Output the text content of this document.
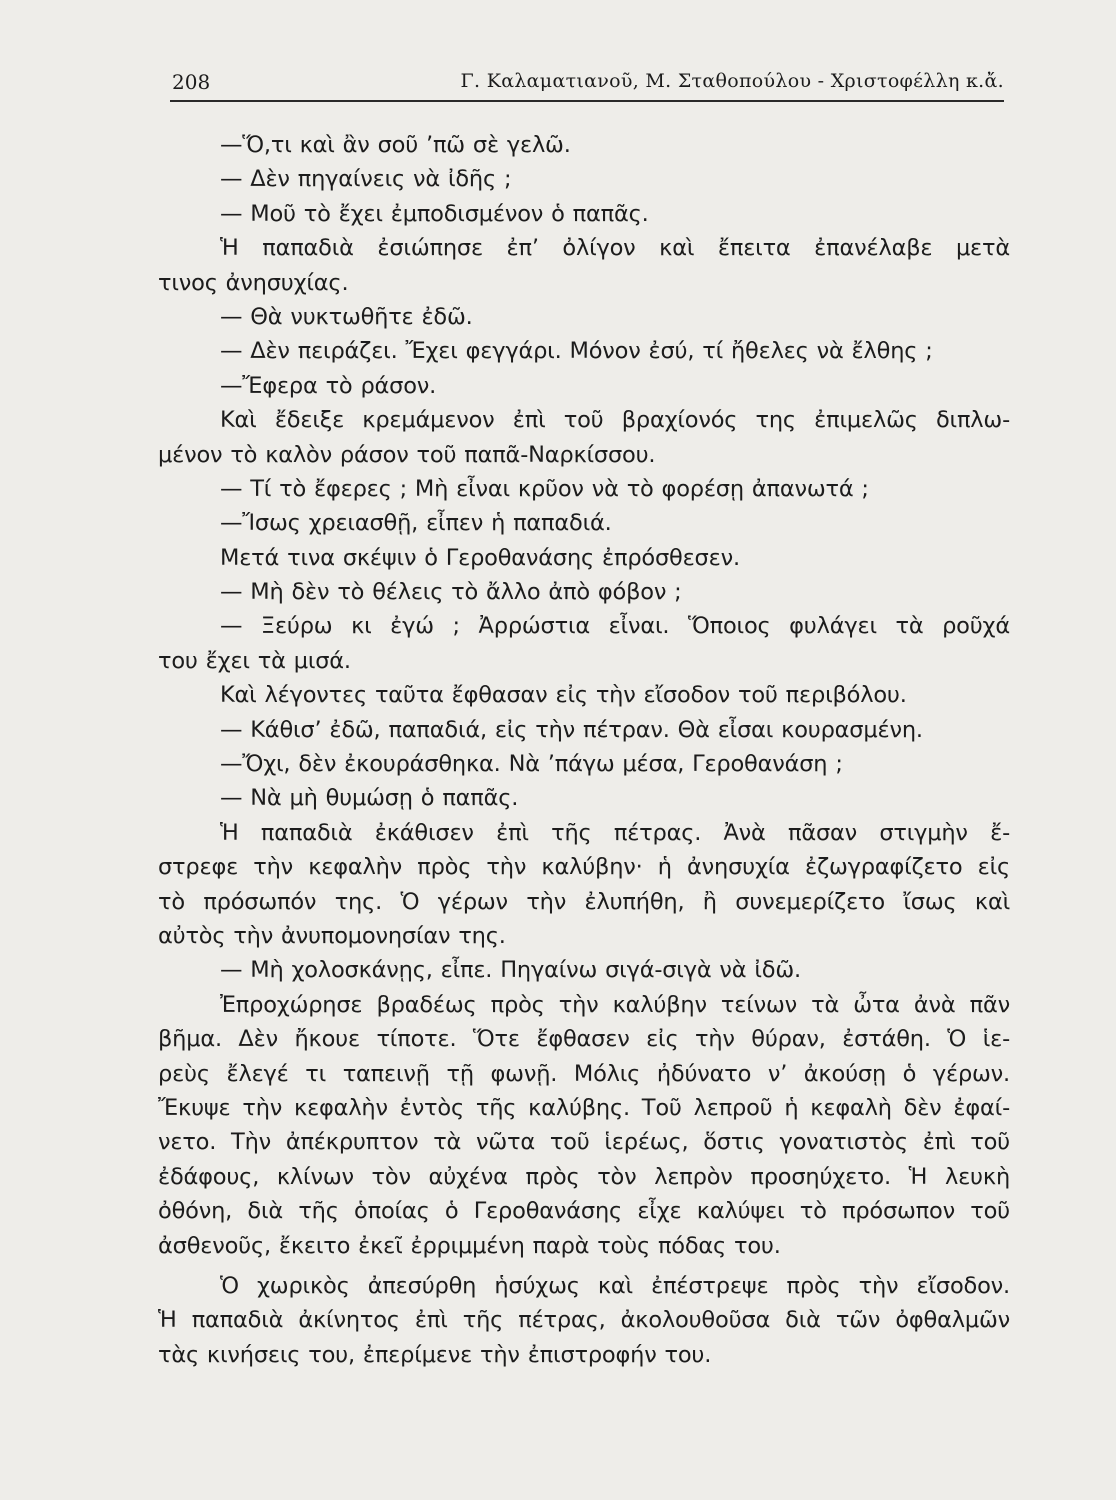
208	Γ. Καλαματιανοῦ, Μ. Σταθοπούλου - Χριστοφέλλη κ.ἄ.
—Ὅ,τι καὶ ἂν σοῦ ’πῶ σὲ γελῶ.
— Δὲν πηγαίνεις νὰ ἰδῆς ;
— Μοῦ τὸ ἔχει ἐμποδισμένον ὁ παπᾶς.
Ἡ παπαδιὰ ἐσιώπησε ἐπ’ ὀλίγον καὶ ἔπειτα ἐπανέλαβε μετὰ
τινος ἀνησυχίας.
— Θὰ νυκτωθῆτε ἐδῶ.
— Δὲν πειράζει. Ἔχει φεγγάρι. Μόνον ἐσύ, τί ἤθελες νὰ ἔλθης ;
—Ἔφερα τὸ ράσον.
Καὶ ἔδειξε κρεμάμενον ἐπὶ τοῦ βραχίονός της ἐπιμελῶς διπλω-
μένον τὸ καλὸν ράσον τοῦ παπᾶ-Ναρκίσσου.
— Τί τὸ ἔφερες ; Μὴ εἶναι κρῦον νὰ τὸ φορέσῃ ἀπανωτά ;
—Ἴσως χρειασθῇ, εἶπεν ἡ παπαδιά.
Μετά τινα σκέψιν ὁ Γεροθανάσης ἐπρόσθεσεν.
— Μὴ δὲν τὸ θέλεις τὸ ἄλλο ἀπὸ φόβον ;
— Ξεύρω κι ἐγώ ; Ἀρρώστια εἶναι. Ὅποιος φυλάγει τὰ ροῦχά
του ἔχει τὰ μισά.
Καὶ λέγοντες ταῦτα ἔφθασαν εἰς τὴν εἴσοδον τοῦ περιβόλου.
— Κάθισ’ ἐδῶ, παπαδιά, εἰς τὴν πέτραν. Θὰ εἶσαι κουρασμένη.
—Ὄχι, δὲν ἐκουράσθηκα. Νὰ ’πάγω μέσα, Γεροθανάση ;
— Νὰ μὴ θυμώσῃ ὁ παπᾶς.
Ἡ παπαδιὰ ἐκάθισεν ἐπὶ τῆς πέτρας. Ἀνὰ πᾶσαν στιγμὴν ἔ-
στρεφε τὴν κεφαλὴν πρὸς τὴν καλύβην· ἡ ἀνησυχία ἐζωγραφίζετο εἰς
τὸ πρόσωπόν της. Ὁ γέρων τὴν ἐλυπήθη, ἢ συνεμερίζετο ἴσως καὶ
αὐτὸς τὴν ἀνυπομονησίαν της.
— Μὴ χολοσκάνῃς, εἶπε. Πηγαίνω σιγά-σιγὰ νὰ ἰδῶ.
Ἐπροχώρησε βραδέως πρὸς τὴν καλύβην τείνων τὰ ὦτα ἀνὰ πᾶν
βῆμα. Δὲν ἤκουε τίποτε. Ὅτε ἔφθασεν εἰς τὴν θύραν, ἐστάθη. Ὁ ἱε-
ρεὺς ἔλεγέ τι ταπεινῇ τῇ φωνῇ. Μόλις ἠδύνατο ν’ ἀκούσῃ ὁ γέρων.
Ἔκυψε τὴν κεφαλὴν ἐντὸς τῆς καλύβης. Τοῦ λεπροῦ ἡ κεφαλὴ δὲν ἐφαί-
νετο. Τὴν ἀπέκρυπτον τὰ νῶτα τοῦ ἱερέως, ὅστις γονατιστὸς ἐπὶ τοῦ
ἐδάφους, κλίνων τὸν αὐχένα πρὸς τὸν λεπρὸν προσηύχετο. Ἡ λευκὴ
ὀθόνη, διὰ τῆς ὁποίας ὁ Γεροθανάσης εἶχε καλύψει τὸ πρόσωπον τοῦ
ἀσθενοῦς, ἔκειτο ἐκεῖ ἐρριμμένη παρὰ τοὺς πόδας του.
Ὁ χωρικὸς ἀπεσύρθη ἡσύχως καὶ ἐπέστρεψε πρὸς τὴν εἴσοδον.
Ἡ παπαδιὰ ἀκίνητος ἐπὶ τῆς πέτρας, ἀκολουθοῦσα διὰ τῶν ὀφθαλμῶν
τὰς κινήσεις του, ἐπερίμενε τὴν ἐπιστροφήν του.
